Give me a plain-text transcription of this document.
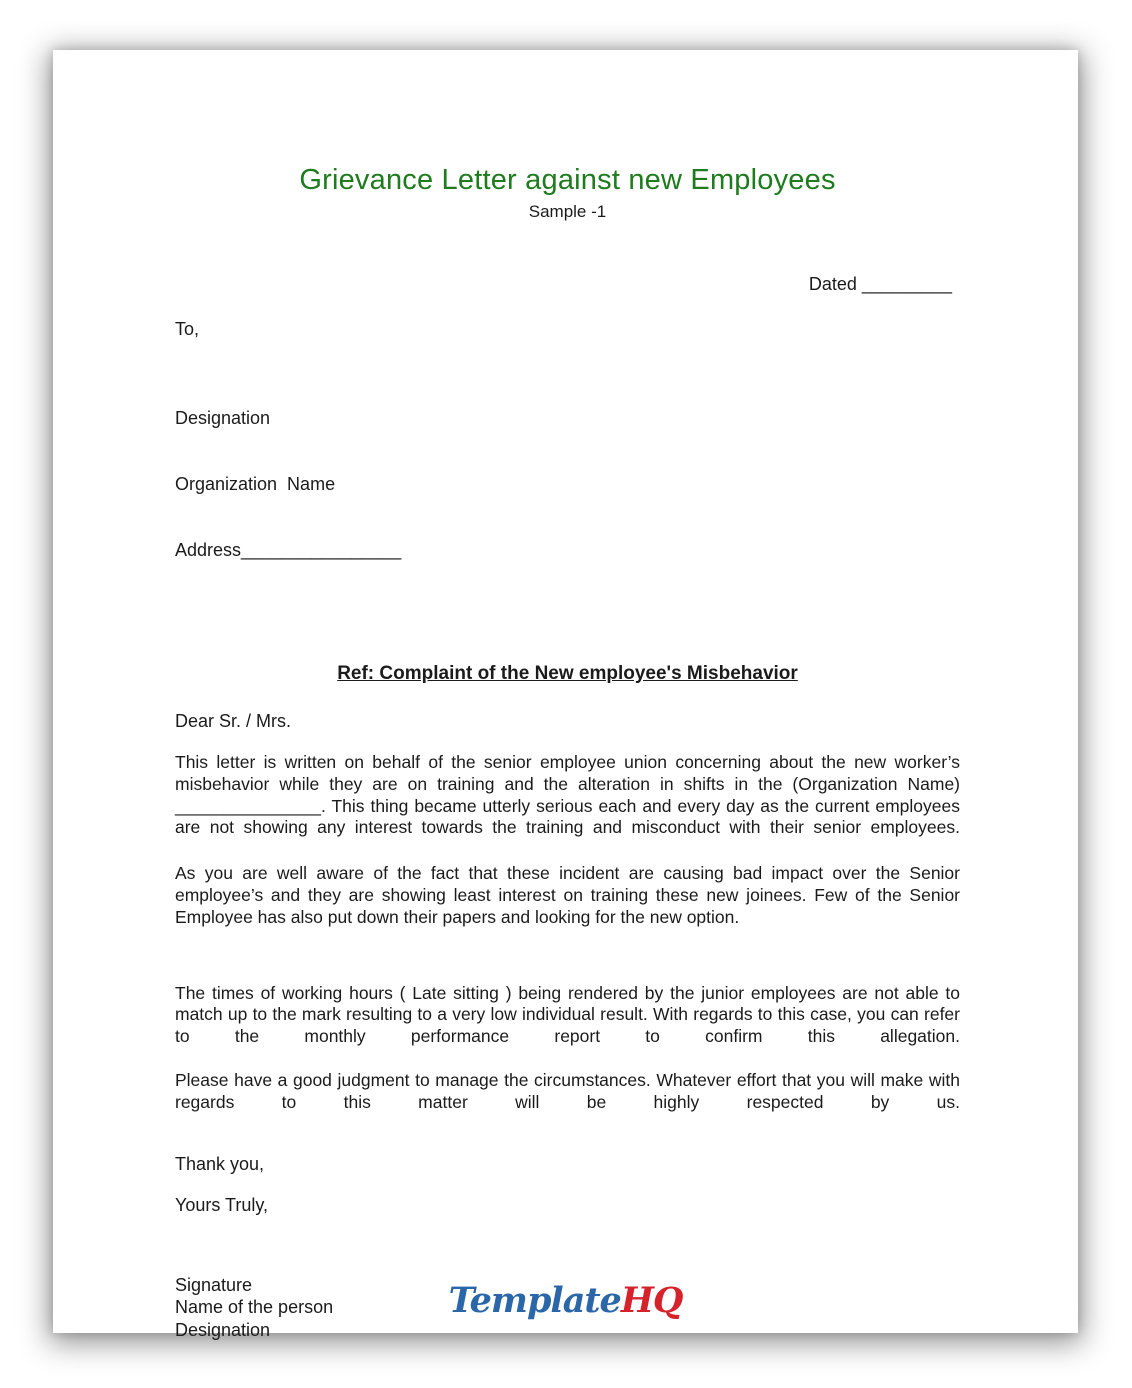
Grievance Letter against new Employees
Sample -1
Dated _________
To,

Designation

Organization  Name

Address________________

Ref: Complaint of the New employee's Misbehavior
Dear Sr. / Mrs.

This letter is written on behalf of the senior employee union concerning about the new worker’s misbehavior while they are on training and the alteration in shifts in the (Organization Name) _______________. This thing became utterly serious each and every day as the current employees are not showing any interest towards the training and misconduct with their senior employees.

As you are well aware of the fact that these incident are causing bad impact over the Senior employee’s and they are showing least interest on training these new joinees. Few of the Senior Employee has also put down their papers and looking for the new option.

The times of working hours ( Late sitting ) being rendered by the junior employees are not able to match up to the mark resulting to a very low individual result. With regards to this case, you can refer to the monthly performance report to confirm this allegation.

Please have a good judgment to manage the circumstances. Whatever effort that you will make with regards to this matter will be highly respected by us.

Thank you,
Yours Truly,
Signature
Name of the person
Designation
TemplateHQ
